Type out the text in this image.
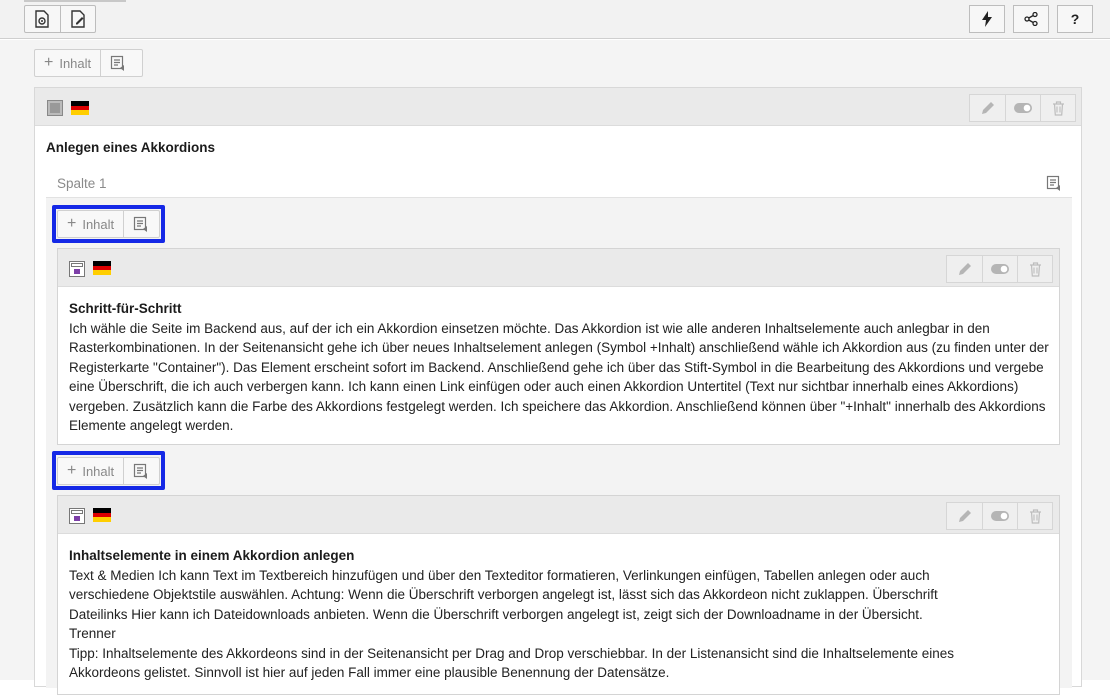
?
+ Inhalt
Anlegen eines Akkordions
Spalte 1
+ Inhalt
Schritt-für-Schritt
Ich wähle die Seite im Backend aus, auf der ich ein Akkordion einsetzen möchte. Das Akkordion ist wie alle anderen Inhaltselemente auch anlegbar in den Rasterkombinationen. In der Seitenansicht gehe ich über neues Inhaltselement anlegen (Symbol +Inhalt) anschließend wähle ich Akkordion aus (zu finden unter der Registerkarte "Container"). Das Element erscheint sofort im Backend. Anschließend gehe ich über das Stift-Symbol in die Bearbeitung des Akkordions und vergebe eine Überschrift, die ich auch verbergen kann. Ich kann einen Link einfügen oder auch einen Akkordion Untertitel (Text nur sichtbar innerhalb eines Akkordions) vergeben. Zusätzlich kann die Farbe des Akkordions festgelegt werden. Ich speichere das Akkordion. Anschließend können über "+Inhalt" innerhalb des Akkordions Elemente angelegt werden.
+ Inhalt
Inhaltselemente in einem Akkordion anlegen
Text & Medien Ich kann Text im Textbereich hinzufügen und über den Texteditor formatieren, Verlinkungen einfügen, Tabellen anlegen oder auch
verschiedene Objektstile auswählen. Achtung: Wenn die Überschrift verborgen angelegt ist, lässt sich das Akkordeon nicht zuklappen. Überschrift
Dateilinks Hier kann ich Dateidownloads anbieten. Wenn die Überschrift verborgen angelegt ist, zeigt sich der Downloadname in der Übersicht.
Trenner
Tipp: Inhaltselemente des Akkordeons sind in der Seitenansicht per Drag and Drop verschiebbar. In der Listenansicht sind die Inhaltselemente eines
Akkordeons gelistet. Sinnvoll ist hier auf jeden Fall immer eine plausible Benennung der Datensätze.
